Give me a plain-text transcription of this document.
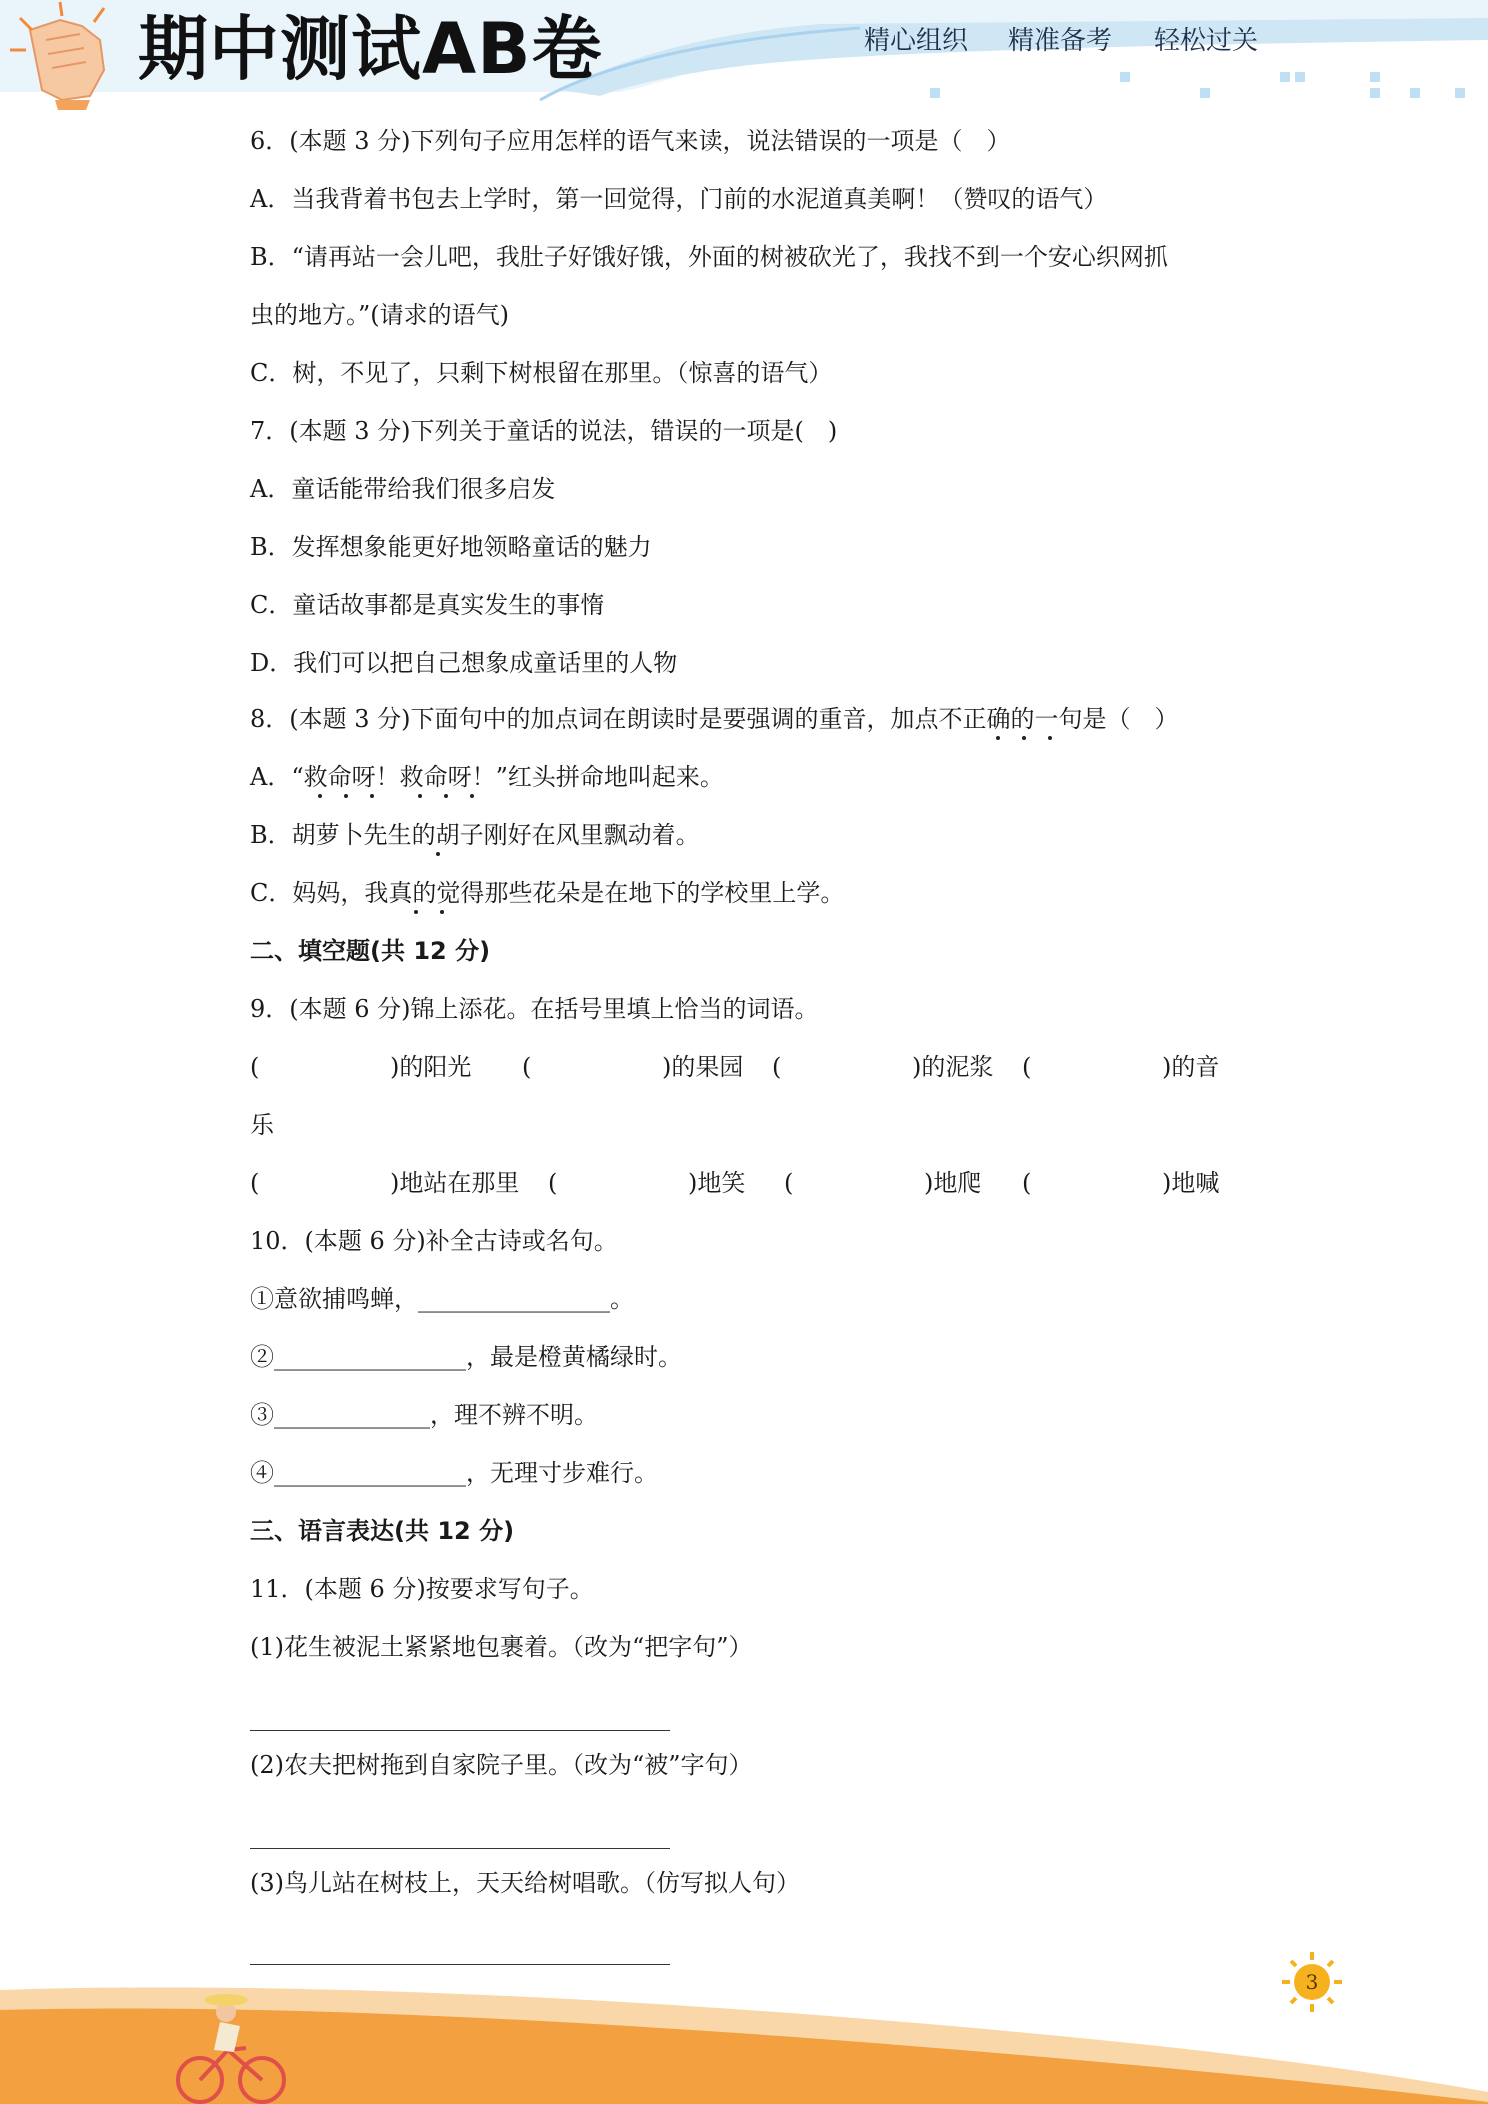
期中测试AB卷	精心组织 精准备考 轻松过关
6．(本题 3 分)下列句子应用怎样的语气来读，说法错误的一项是（　）
A．当我背着书包去上学时，第一回觉得，门前的水泥道真美啊！（赞叹的语气）
B．“请再站一会儿吧，我肚子好饿好饿，外面的树被砍光了，我找不到一个安心织网抓
虫的地方。”(请求的语气)
C．树，不见了，只剩下树根留在那里。（惊喜的语气）
7．(本题 3 分)下列关于童话的说法，错误的一项是(　)
A．童话能带给我们很多启发
B．发挥想象能更好地领略童话的魅力
C．童话故事都是真实发生的事惰
D．我们可以把自己想象成童话里的人物
8．(本题 3 分)下面句中的加点词在朗读时是要强调的重音，加点不正确的一句是（　）
A．“救命呀！救命呀！”红头拼命地叫起来。
B．胡萝卜先生的胡子刚好在风里飘动着。
C．妈妈，我真的觉得那些花朵是在地下的学校里上学。
二、填空题(共 12 分)
9．(本题 6 分)锦上添花。在括号里填上恰当的词语。
(	)的阳光 (	)的果园 (	)的泥浆 (	)的音
乐
(	)地站在那里 (	)地笑 (	)地爬 (	)地喊
10．(本题 6 分)补全古诗或名句。
①意欲捕鸣蝉，________________。
②________________，最是橙黄橘绿时。
③_____________，理不辨不明。
④________________，无理寸步难行。
三、语言表达(共 12 分)
11．(本题 6 分)按要求写句子。
(1)花生被泥土紧紧地包裹着。（改为“把字句”）
(2)农夫把树拖到自家院子里。（改为“被”字句）
(3)鸟儿站在树枝上，天天给树唱歌。（仿写拟人句）
3
